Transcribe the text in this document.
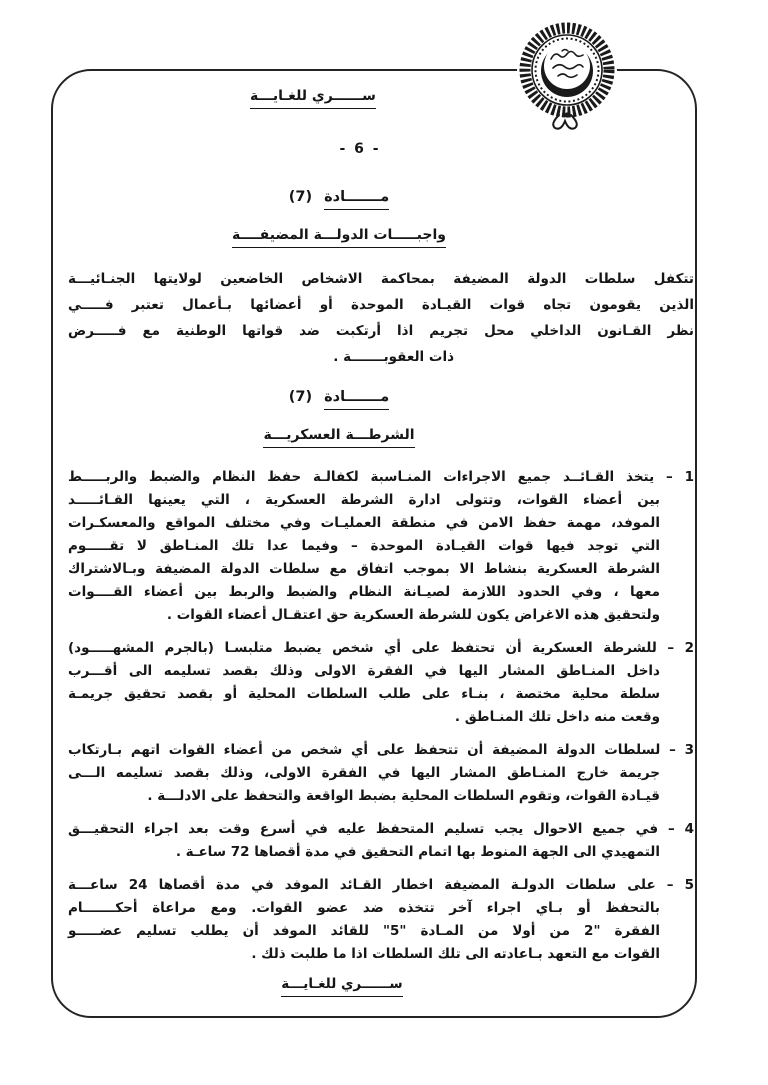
ســــــري للغـايـــة
- 6 -
مـــــــادة(7)
واجبـــــات الدولـــة المضيفــــة
تتكفل سلطات الدولة المضيفة بمحاكمة الاشخاص الخاضعين لولايتها الجنـائيـــة
الذين يقومون تجاه قوات القيـادة الموحدة أو أعضائها بـأعمال تعتبر فـــــي
نظر القـانون الداخلي محل تجريم اذا أرتكبت ضد قواتها الوطنية مع فـــــرض
ذات العقوبـــــــة .
مـــــــادة(7)
الشرطـــة العسكريـــة
1 – يتخذ القـائــد جميع الاجراءات المنـاسبة لكفالـة حفظ النظام والضبط والربـــــط
بين أعضاء القوات، وتتولى ادارة الشرطة العسكرية ، التي يعينها القـائـــــد
الموفد، مهمة حفظ الامن في منطقة العمليـات وفي مختلف المواقع والمعسكـرات
التي توجد فيها قوات القيـادة الموحدة – وفيما عدا تلك المنـاطق لا تقـــــوم
الشرطة العسكرية بنشاط الا بموجب اتفاق مع سلطات الدولة المضيفة وبـالاشتراك
معها ، وفي الحدود اللازمة لصيـانة النظام والضبط والربط بين أعضاء القــــوات
ولتحقيق هذه الاغراض يكون للشرطة العسكرية حق اعتقـال أعضاء القوات .
2 – للشرطة العسكرية أن تحتفظ على أي شخص يضبط متلبسـا (بالجرم المشهـــــود)
داخل المنـاطق المشار اليها في الفقرة الاولى وذلك بقصد تسليمه الى أقـــرب
سلطة محلية مختصة ، بنـاء على طلب السلطات المحلية أو بقصد تحقيق جريمـة
وقعت منه داخل تلك المنـاطق .
3 – لسلطات الدولة المضيفة أن تتحفظ على أي شخص من أعضاء القوات اتهم بـارتكاب
جريمة خارج المنـاطق المشار اليها في الفقرة الاولى، وذلك بقصد تسليمه الـــى
قيـادة القوات، وتقوم السلطات المحلية بضبط الواقعة والتحفظ على الادلـــة .
4 – في جميع الاحوال يجب تسليم المتحفظ عليه في أسرع وقت بعد اجراء التحقيـــق
التمهيدي الى الجهة المنوط بها اتمام التحقيق في مدة أقصاها 72 ساعـة .
5 – على سلطات الدولـة المضيفة اخطار القـائد الموفد في مدة أقصاها 24 ساعـــة
بالتحفظ أو بـاي اجراء آخر تتخذه ضد عضو القوات. ومع مراعاة أحكـــــــام
الفقرة "2 من أولا من المـادة "5" للقائد الموفد أن يطلب تسليم عضـــــو
القوات مع التعهد بـاعادته الى تلك السلطات اذا ما طلبت ذلك .
ســــــري للغـايـــة
